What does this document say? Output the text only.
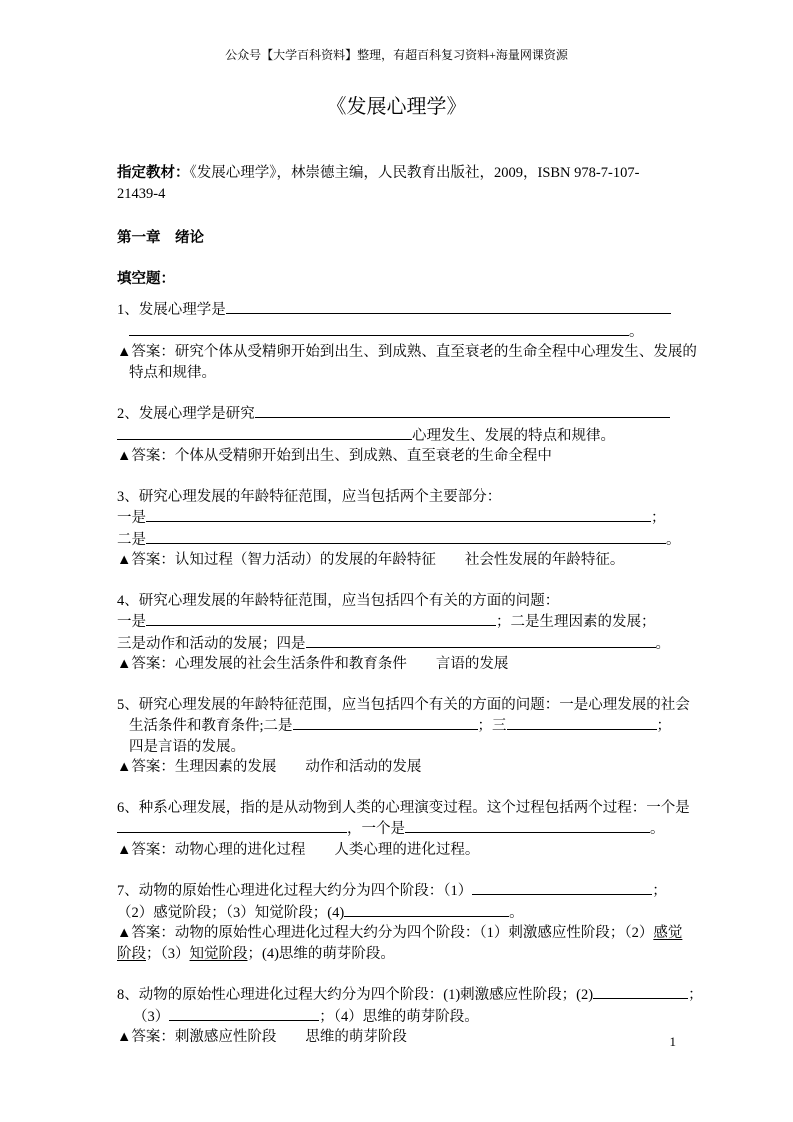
公众号【大学百科资料】整理，有超百科复习资料+海量网课资源
《发展心理学》

指定教材：《发展心理学》，林崇德主编，人民教育出版社，2009，ISBN 978-7-107-21439-4

第一章　绪论
填空题：
1、发展心理学是
。
▲答案：研究个体从受精卵开始到出生、到成熟、直至衰老的生命全程中心理发生、发展的
特点和规律。
2、发展心理学是研究
心理发生、发展的特点和规律。
▲答案：个体从受精卵开始到出生、到成熟、直至衰老的生命全程中
3、研究心理发展的年龄特征范围，应当包括两个主要部分：
一是	；
二是	。
▲答案：认知过程（智力活动）的发展的年龄特征　　社会性发展的年龄特征。
4、研究心理发展的年龄特征范围，应当包括四个有关的方面的问题：
一是	；二是生理因素的发展；
三是动作和活动的发展；四是	。
▲答案：心理发展的社会生活条件和教育条件　　言语的发展
5、研究心理发展的年龄特征范围，应当包括四个有关的方面的问题：一是心理发展的社会
生活条件和教育条件;二是	；三	；
四是言语的发展。
▲答案：生理因素的发展　　动作和活动的发展
6、种系心理发展，指的是从动物到人类的心理演变过程。这个过程包括两个过程：一个是
，一个是	。
▲答案：动物心理的进化过程　　人类心理的进化过程。
7、动物的原始性心理进化过程大约分为四个阶段：（1）	；
（2）感觉阶段；（3）知觉阶段；(4)	。
▲答案：动物的原始性心理进化过程大约分为四个阶段：（1）刺激感应性阶段；（2）感觉
阶段；（3）知觉阶段；(4)思维的萌芽阶段。
8、动物的原始性心理进化过程大约分为四个阶段：(1)刺激感应性阶段；(2)	；
（3）	；（4）思维的萌芽阶段。
▲答案：刺激感应性阶段　　思维的萌芽阶段	1
